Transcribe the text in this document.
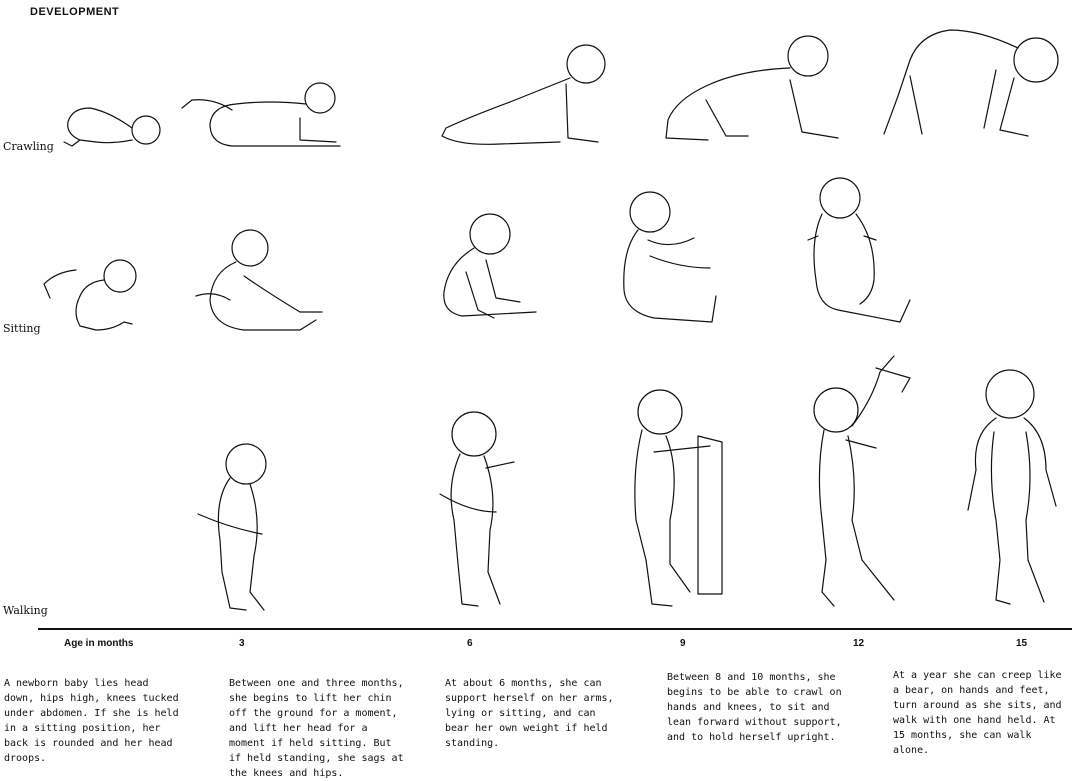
DEVELOPMENT
Crawling
Sitting
Walking
Age in months	3	6	9	12	15
A newborn baby lies head down, hips high, knees tucked under abdomen. If she is held in a sitting position, her back is rounded and her head droops.
Between one and three months, she begins to lift her chin off the ground for a moment, and lift her head for a moment if held sitting. But if held standing, she sags at the knees and hips.
At about 6 months, she can support herself on her arms, lying or sitting, and can bear her own weight if held standing.
Between 8 and 10 months, she begins to be able to crawl on hands and knees, to sit and lean forward without support, and to hold herself upright.
At a year she can creep like a bear, on hands and feet, turn around as she sits, and walk with one hand held. At 15 months, she can walk alone.
